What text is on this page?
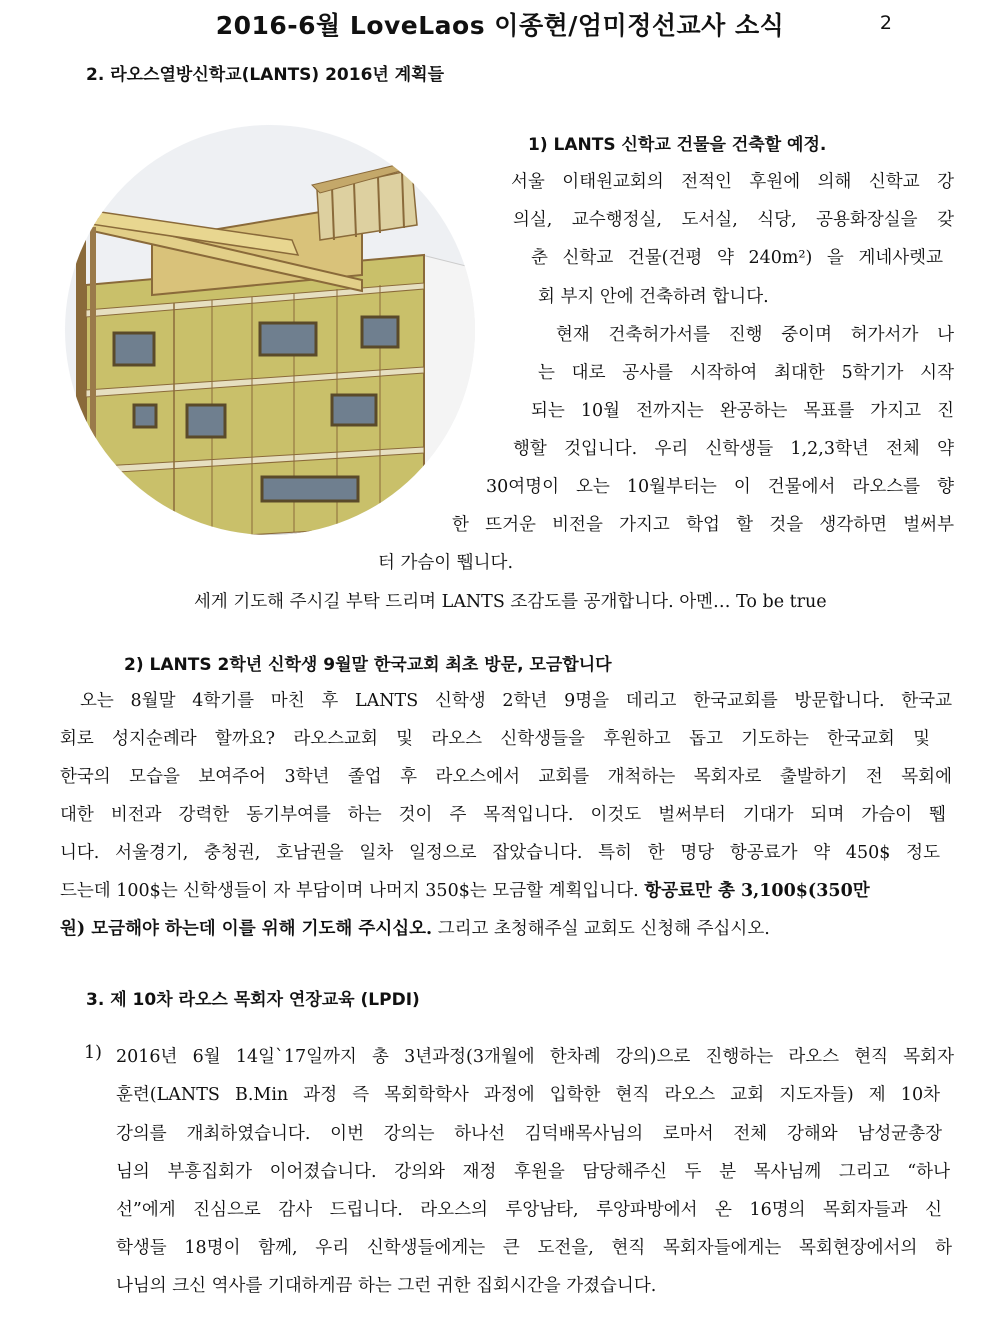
2016-6월 LoveLaos 이종현/엄미정선교사 소식	2
2. 라오스열방신학교(LANTS) 2016년 계획들
1) LANTS 신학교 건물을 건축할 예정.
서울 이태원교회의 전적인 후원에 의해 신학교 강
의실, 교수행정실, 도서실, 식당, 공용화장실을 갖
춘 신학교 건물(건평 약 240m²) 을 게네사렛교
회 부지 안에 건축하려 합니다.
현재 건축허가서를 진행 중이며 허가서가 나
는 대로 공사를 시작하여 최대한 5학기가 시작
되는 10월 전까지는 완공하는 목표를 가지고 진
행할 것입니다. 우리 신학생들 1,2,3학년 전체 약
30여명이 오는 10월부터는 이 건물에서 라오스를 향
한 뜨거운 비전을 가지고 학업 할 것을 생각하면 벌써부
터 가슴이 뛥니다.
세게 기도해 주시길 부탁 드리며 LANTS 조감도를 공개합니다. 아멘… To be true
2) LANTS 2학년 신학생 9월말 한국교회 최초 방문, 모금합니다
오는 8월말 4학기를 마친 후 LANTS 신학생 2학년 9명을 데리고 한국교회를 방문합니다. 한국교
회로 성지순례라 할까요? 라오스교회 및 라오스 신학생들을 후원하고 돕고 기도하는 한국교회 및
한국의 모습을 보여주어 3학년 졸업 후 라오스에서 교회를 개척하는 목회자로 출발하기 전 목회에
대한 비전과 강력한 동기부여를 하는 것이 주 목적입니다. 이것도 벌써부터 기대가 되며 가슴이 뛥
니다. 서울경기, 충청권, 호남권을 일차 일정으로 잡았습니다. 특히 한 명당 항공료가 약 450$ 정도
드는데 100$는 신학생들이 자 부담이며 나머지 350$는 모금할 계획입니다. 항공료만 총 3,100$(350만
원) 모금해야 하는데 이를 위해 기도해 주시십오. 그리고 초청해주실 교회도 신청해 주십시오.
3. 제 10차 라오스 목회자 연장교육 (LPDI)
1) 2016년 6월 14일`17일까지 총 3년과정(3개월에 한차례 강의)으로 진행하는 라오스 현직 목회자
훈련(LANTS B.Min 과정 즉 목회학학사 과정에 입학한 현직 라오스 교회 지도자들) 제 10차
강의를 개최하였습니다. 이번 강의는 하나선 김덕배목사님의 로마서 전체 강해와 남성균총장
님의 부흥집회가 이어졌습니다. 강의와 재정 후원을 담당해주신 두 분 목사님께 그리고 “하나
선”에게 진심으로 감사 드립니다. 라오스의 루앙남타, 루앙파방에서 온 16명의 목회자들과 신
학생들 18명이 함께, 우리 신학생들에게는 큰 도전을, 현직 목회자들에게는 목회현장에서의 하
나님의 크신 역사를 기대하게끔 하는 그런 귀한 집회시간을 가졌습니다.
